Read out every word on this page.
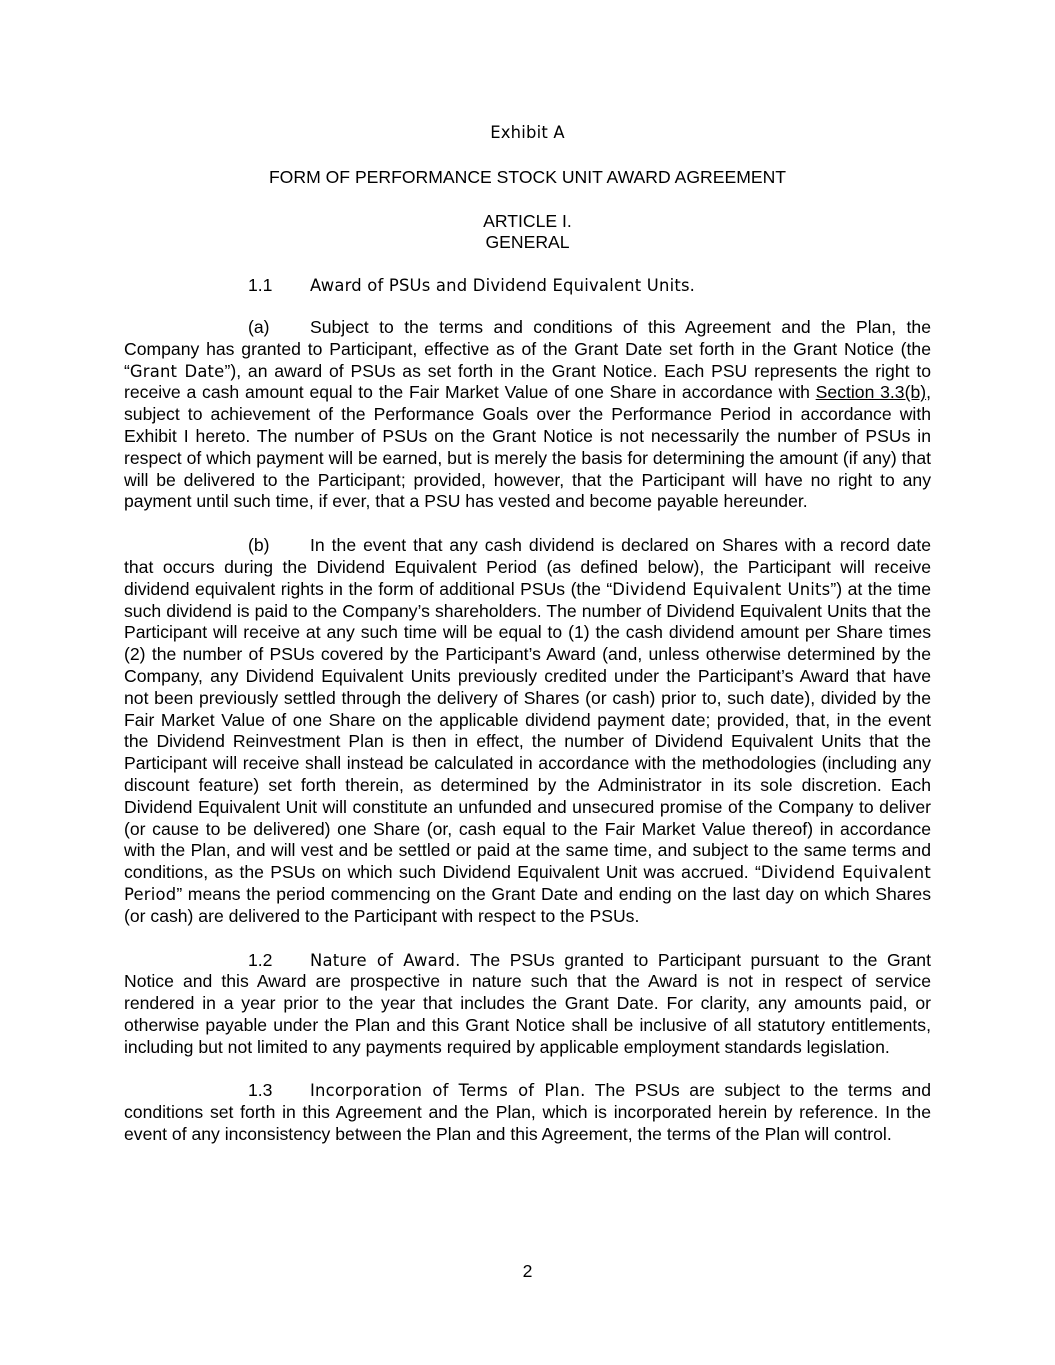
Exhibit A

FORM OF PERFORMANCE STOCK UNIT AWARD AGREEMENT

ARTICLE I.
GENERAL

1.1 Award of PSUs and Dividend Equivalent Units.

(a) Subject to the terms and conditions of this Agreement and the Plan, the Company has granted to Participant, effective as of the Grant Date set forth in the Grant Notice (the “Grant Date”), an award of PSUs as set forth in the Grant Notice. Each PSU represents the right to receive a cash amount equal to the Fair Market Value of one Share in accordance with Section 3.3(b), subject to achievement of the Performance Goals over the Performance Period in accordance with Exhibit I hereto. The number of PSUs on the Grant Notice is not necessarily the number of PSUs in respect of which payment will be earned, but is merely the basis for determining the amount (if any) that will be delivered to the Participant; provided, however, that the Participant will have no right to any payment until such time, if ever, that a PSU has vested and become payable hereunder.

(b) In the event that any cash dividend is declared on Shares with a record date that occurs during the Dividend Equivalent Period (as defined below), the Participant will receive dividend equivalent rights in the form of additional PSUs (the “Dividend Equivalent Units”) at the time such dividend is paid to the Company’s shareholders. The number of Dividend Equivalent Units that the Participant will receive at any such time will be equal to (1) the cash dividend amount per Share times (2) the number of PSUs covered by the Participant’s Award (and, unless otherwise determined by the Company, any Dividend Equivalent Units previously credited under the Participant’s Award that have not been previously settled through the delivery of Shares (or cash) prior to, such date), divided by the Fair Market Value of one Share on the applicable dividend payment date; provided, that, in the event the Dividend Reinvestment Plan is then in effect, the number of Dividend Equivalent Units that the Participant will receive shall instead be calculated in accordance with the methodologies (including any discount feature) set forth therein, as determined by the Administrator in its sole discretion. Each Dividend Equivalent Unit will constitute an unfunded and unsecured promise of the Company to deliver (or cause to be delivered) one Share (or, cash equal to the Fair Market Value thereof) in accordance with the Plan, and will vest and be settled or paid at the same time, and subject to the same terms and conditions, as the PSUs on which such Dividend Equivalent Unit was accrued. “Dividend Equivalent Period” means the period commencing on the Grant Date and ending on the last day on which Shares (or cash) are delivered to the Participant with respect to the PSUs.

1.2 Nature of Award. The PSUs granted to Participant pursuant to the Grant Notice and this Award are prospective in nature such that the Award is not in respect of service rendered in a year prior to the year that includes the Grant Date. For clarity, any amounts paid, or otherwise payable under the Plan and this Grant Notice shall be inclusive of all statutory entitlements, including but not limited to any payments required by applicable employment standards legislation.

1.3 Incorporation of Terms of Plan. The PSUs are subject to the terms and conditions set forth in this Agreement and the Plan, which is incorporated herein by reference. In the event of any inconsistency between the Plan and this Agreement, the terms of the Plan will control.

2
